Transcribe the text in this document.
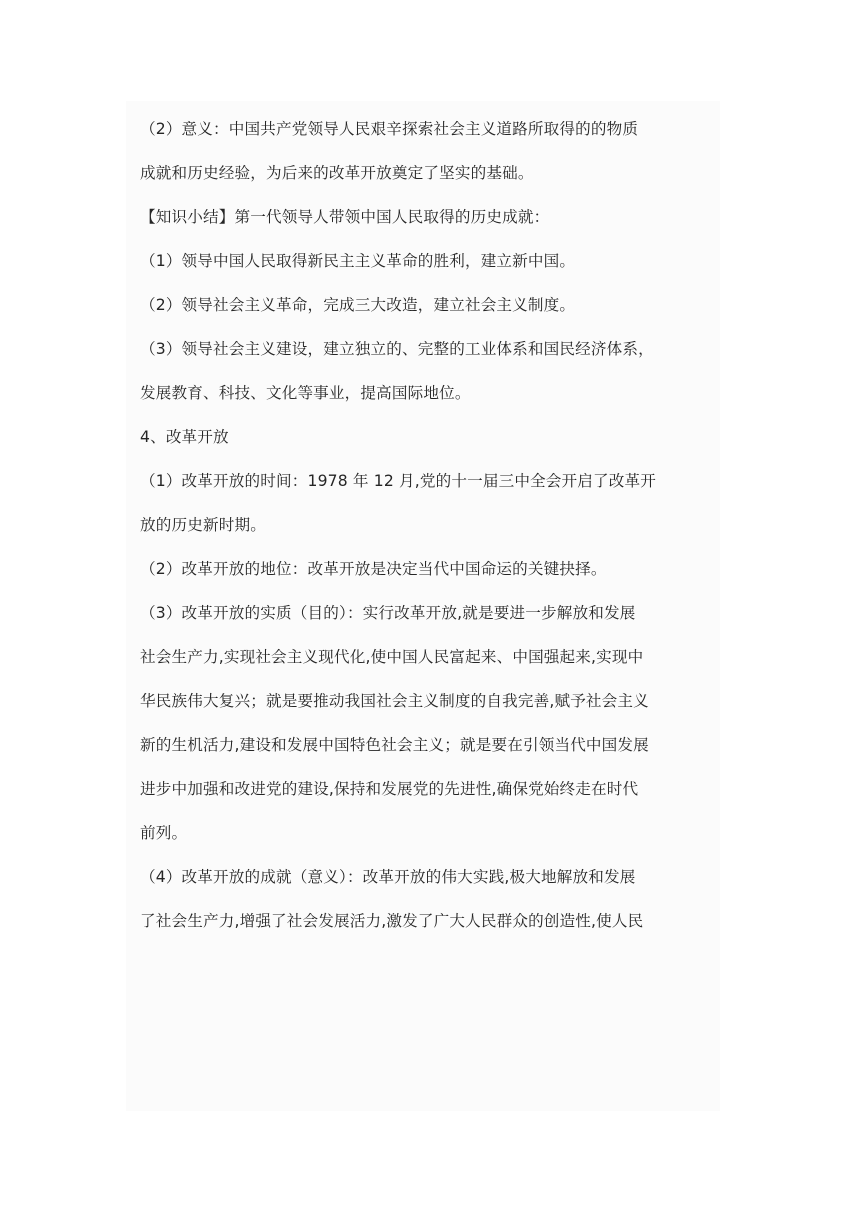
（2）意义：中国共产党领导人民艰辛探索社会主义道路所取得的的物质
成就和历史经验，为后来的改革开放奠定了坚实的基础。

【知识小结】第一代领导人带领中国人民取得的历史成就：

（1）领导中国人民取得新民主主义革命的胜利，建立新中国。

（2）领导社会主义革命，完成三大改造，建立社会主义制度。

（3）领导社会主义建设，建立独立的、完整的工业体系和国民经济体系，
发展教育、科技、文化等事业，提高国际地位。

4、改革开放

（1）改革开放的时间：1978 年 12 月,党的十一届三中全会开启了改革开
放的历史新时期。

（2）改革开放的地位：改革开放是决定当代中国命运的关键抉择。

（3）改革开放的实质（目的）：实行改革开放,就是要进一步解放和发展
社会生产力,实现社会主义现代化,使中国人民富起来、中国强起来,实现中
华民族伟大复兴；就是要推动我国社会主义制度的自我完善,赋予社会主义
新的生机活力,建设和发展中国特色社会主义；就是要在引领当代中国发展
进步中加强和改进党的建设,保持和发展党的先进性,确保党始终走在时代
前列。

（4）改革开放的成就（意义）：改革开放的伟大实践,极大地解放和发展
了社会生产力,增强了社会发展活力,激发了广大人民群众的创造性,使人民
